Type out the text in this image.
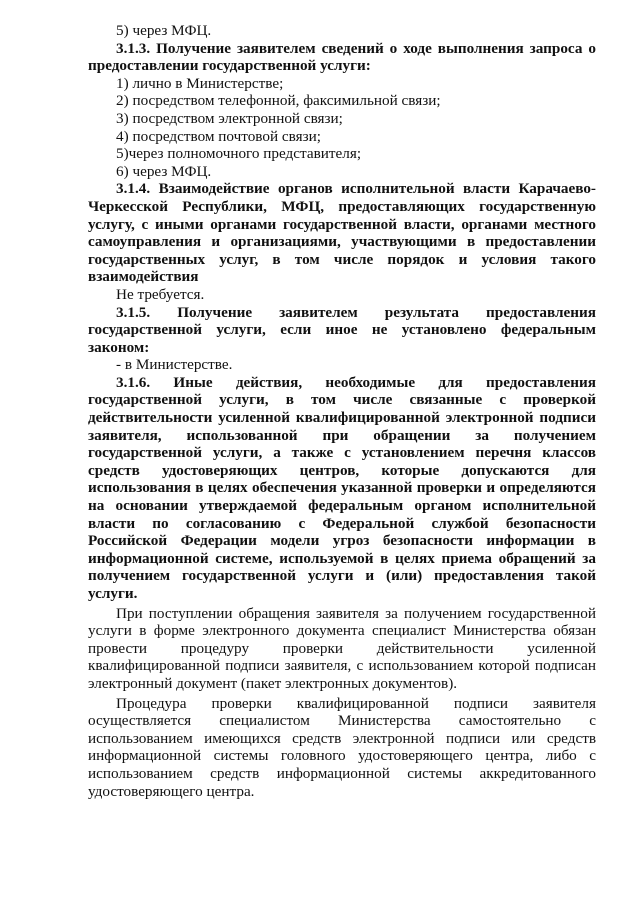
5) через МФЦ.

3.1.3. Получение заявителем сведений о ходе выполнения запроса о предоставлении государственной услуги:

1) лично в Министерстве;

2) посредством телефонной, факсимильной связи;

3) посредством электронной связи;

4) посредством почтовой связи;

5)через полномочного представителя;

6) через МФЦ.

3.1.4. Взаимодействие органов исполнительной власти Карачаево-Черкесской Республики, МФЦ, предоставляющих государственную услугу, с иными органами государственной власти, органами местного самоуправления и организациями, участвующими в предоставлении государственных услуг, в том числе порядок и условия такого взаимодействия

Не требуется.

3.1.5. Получение заявителем результата предоставления государственной услуги, если иное не установлено федеральным законом:

- в Министерстве.

3.1.6. Иные действия, необходимые для предоставления государственной услуги, в том числе связанные с проверкой действительности усиленной квалифицированной электронной подписи заявителя, использованной при обращении за получением государственной услуги, а также с установлением перечня классов средств удостоверяющих центров, которые допускаются для использования в целях обеспечения указанной проверки и определяются на основании утверждаемой федеральным органом исполнительной власти по согласованию с Федеральной службой безопасности Российской Федерации модели угроз безопасности информации в информационной системе, используемой в целях приема обращений за получением государственной услуги и (или) предоставления такой услуги.

При поступлении обращения заявителя за получением государственной услуги в форме электронного документа специалист Министерства обязан провести процедуру проверки действительности усиленной квалифицированной подписи заявителя, с использованием которой подписан электронный документ (пакет электронных документов).

Процедура проверки квалифицированной подписи заявителя осуществляется специалистом Министерства самостоятельно с использованием имеющихся средств электронной подписи или средств информационной системы головного удостоверяющего центра, либо с использованием средств информационной системы аккредитованного удостоверяющего центра.
